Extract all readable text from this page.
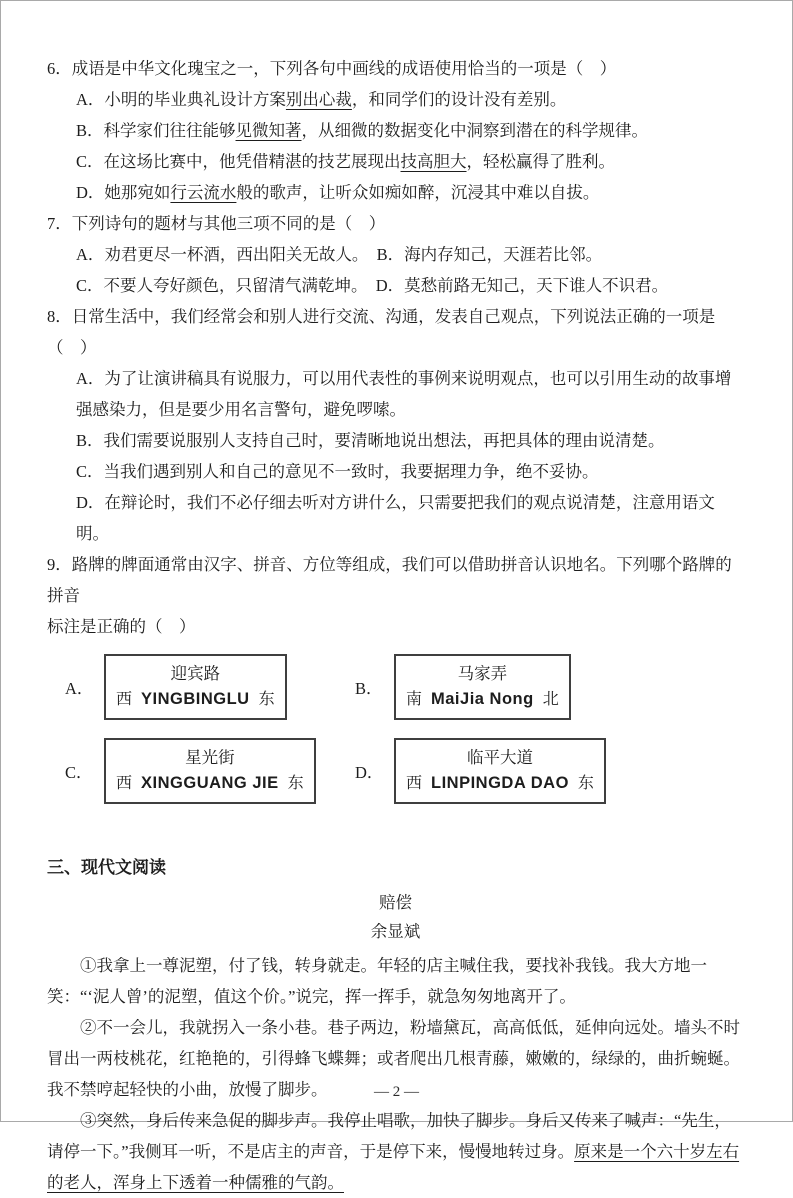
6．成语是中华文化瑰宝之一，下列各句中画线的成语使用恰当的一项是（　）

A．小明的毕业典礼设计方案别出心裁，和同学们的设计没有差别。

B．科学家们往往能够见微知著，从细微的数据变化中洞察到潜在的科学规律。

C．在这场比赛中，他凭借精湛的技艺展现出技高胆大，轻松赢得了胜利。

D．她那宛如行云流水般的歌声，让听众如痴如醉，沉浸其中难以自拔。

7．下列诗句的题材与其他三项不同的是（　）

A．劝君更尽一杯酒，西出阳关无故人。　B．海内存知己，天涯若比邻。

C．不要人夸好颜色，只留清气满乾坤。　D．莫愁前路无知己，天下谁人不识君。

8．日常生活中，我们经常会和别人进行交流、沟通，发表自己观点，下列说法正确的一项是（　）

A．为了让演讲稿具有说服力，可以用代表性的事例来说明观点，也可以引用生动的故事增强感染力，但是要少用名言警句，避免啰嗦。

B．我们需要说服别人支持自己时，要清晰地说出想法，再把具体的理由说清楚。

C．当我们遇到别人和自己的意见不一致时，我要据理力争，绝不妥协。

D．在辩论时，我们不必仔细去听对方讲什么，只需要把我们的观点说清楚，注意用语文明。

9．路牌的牌面通常由汉字、拼音、方位等组成，我们可以借助拼音认识地名。下列哪个路牌的拼音

标注是正确的（　）

A．
迎宾路
西 YINGBINGLU 东
B．
马家弄
南 MaiJia Nong 北
C．
星光街
西 XINGGUANG JIE 东
D．
临平大道
西 LINPINGDA DAO 东

三、现代文阅读

赔偿

余显斌

①我拿上一尊泥塑，付了钱，转身就走。年轻的店主喊住我，要找补我钱。我大方地一笑：“‘泥人曾’的泥塑，值这个价。”说完，挥一挥手，就急匆匆地离开了。

②不一会儿，我就拐入一条小巷。巷子两边，粉墙黛瓦，高高低低，延伸向远处。墙头不时冒出一两枝桃花，红艳艳的，引得蜂飞蝶舞；或者爬出几根青藤，嫩嫩的，绿绿的，曲折蜿蜒。我不禁哼起轻快的小曲，放慢了脚步。

③突然，身后传来急促的脚步声。我停止唱歌，加快了脚步。身后又传来了喊声：“先生，请停一下。”我侧耳一听，不是店主的声音，于是停下来，慢慢地转过身。原来是一个六十岁左右的老人，浑身上下透着一种儒雅的气韵。

— 2 —
